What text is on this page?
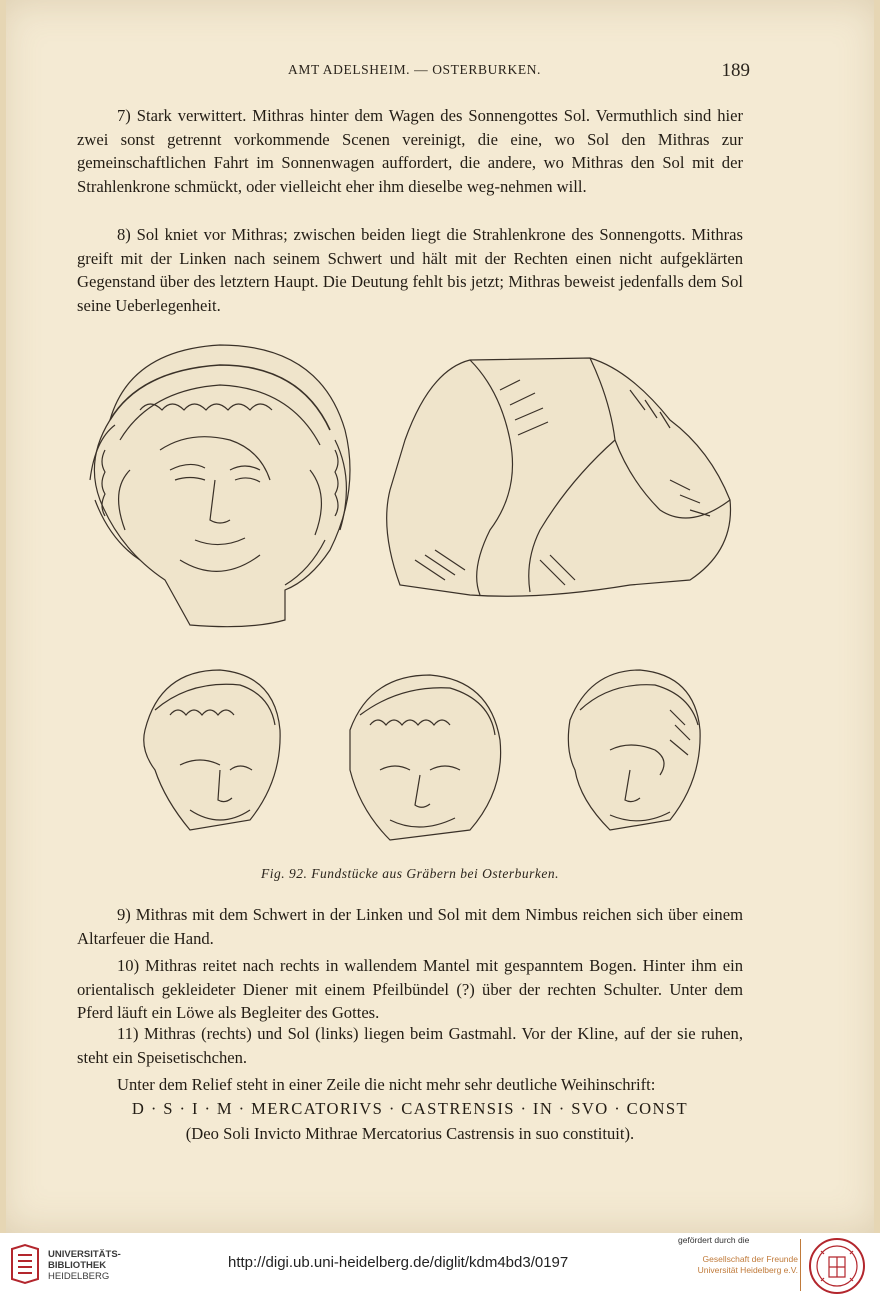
AMT ADELSHEIM. — OSTERBURKEN.	189

7) Stark verwittert. Mithras hinter dem Wagen des Sonnengottes Sol. Vermuthlich sind hier zwei sonst getrennt vorkommende Scenen vereinigt, die eine, wo Sol den Mithras zur gemeinschaftlichen Fahrt im Sonnenwagen auffordert, die andere, wo Mithras den Sol mit der Strahlenkrone schmückt, oder vielleicht eher ihm dieselbe weg-nehmen will.

8) Sol kniet vor Mithras; zwischen beiden liegt die Strahlenkrone des Sonnengotts. Mithras greift mit der Linken nach seinem Schwert und hält mit der Rechten einen nicht aufgeklärten Gegenstand über des letztern Haupt. Die Deutung fehlt bis jetzt; Mithras beweist jedenfalls dem Sol seine Ueberlegenheit.

Fig. 92. Fundstücke aus Gräbern bei Osterburken.

9) Mithras mit dem Schwert in der Linken und Sol mit dem Nimbus reichen sich über einem Altarfeuer die Hand.

10) Mithras reitet nach rechts in wallendem Mantel mit gespanntem Bogen. Hinter ihm ein orientalisch gekleideter Diener mit einem Pfeilbündel (?) über der rechten Schulter. Unter dem Pferd läuft ein Löwe als Begleiter des Gottes.

11) Mithras (rechts) und Sol (links) liegen beim Gastmahl. Vor der Kline, auf der sie ruhen, steht ein Speisetischchen.

Unter dem Relief steht in einer Zeile die nicht mehr sehr deutliche Weihinschrift:

D · S · I · M · MERCATORIVS · CASTRENSIS · IN · SVO · CONST
(Deo Soli Invicto Mithrae Mercatorius Castrensis in suo constituit).
UNIVERSITÄTS-
BIBLIOTHEK
HEIDELBERG
http://digi.ub.uni-heidelberg.de/diglit/kdm4bd3/0197
gefördert durch die
Gesellschaft der Freunde
Universität Heidelberg e.V.
